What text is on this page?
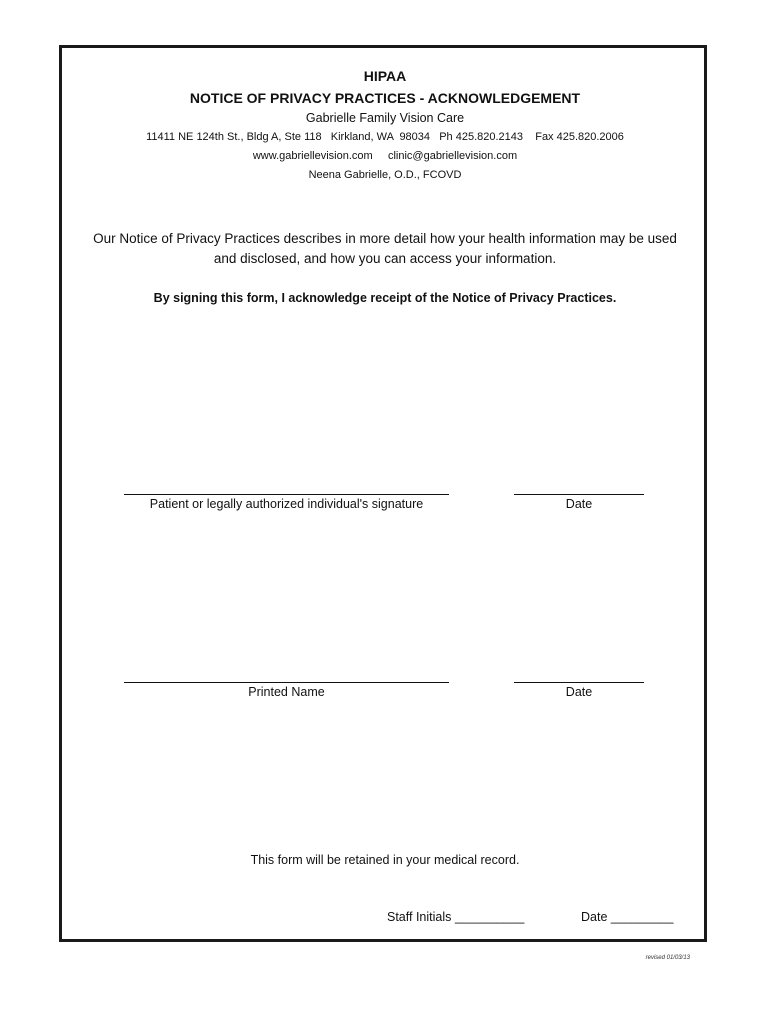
HIPAA
NOTICE OF PRIVACY PRACTICES - ACKNOWLEDGEMENT
Gabrielle Family Vision Care
11411 NE 124th St., Bldg A, Ste 118   Kirkland, WA  98034   Ph 425.820.2143    Fax 425.820.2006
www.gabriellevision.com     clinic@gabriellevision.com
Neena Gabrielle, O.D., FCOVD
Our Notice of Privacy Practices describes in more detail how your health information may be used
and disclosed, and how you can access your information.
By signing this form, I acknowledge receipt of the Notice of Privacy Practices.
Patient or legally authorized individual's signature	Date
Printed Name	Date
This form will be retained in your medical record.
Staff Initials __________	Date _________
revised 01/03/13
